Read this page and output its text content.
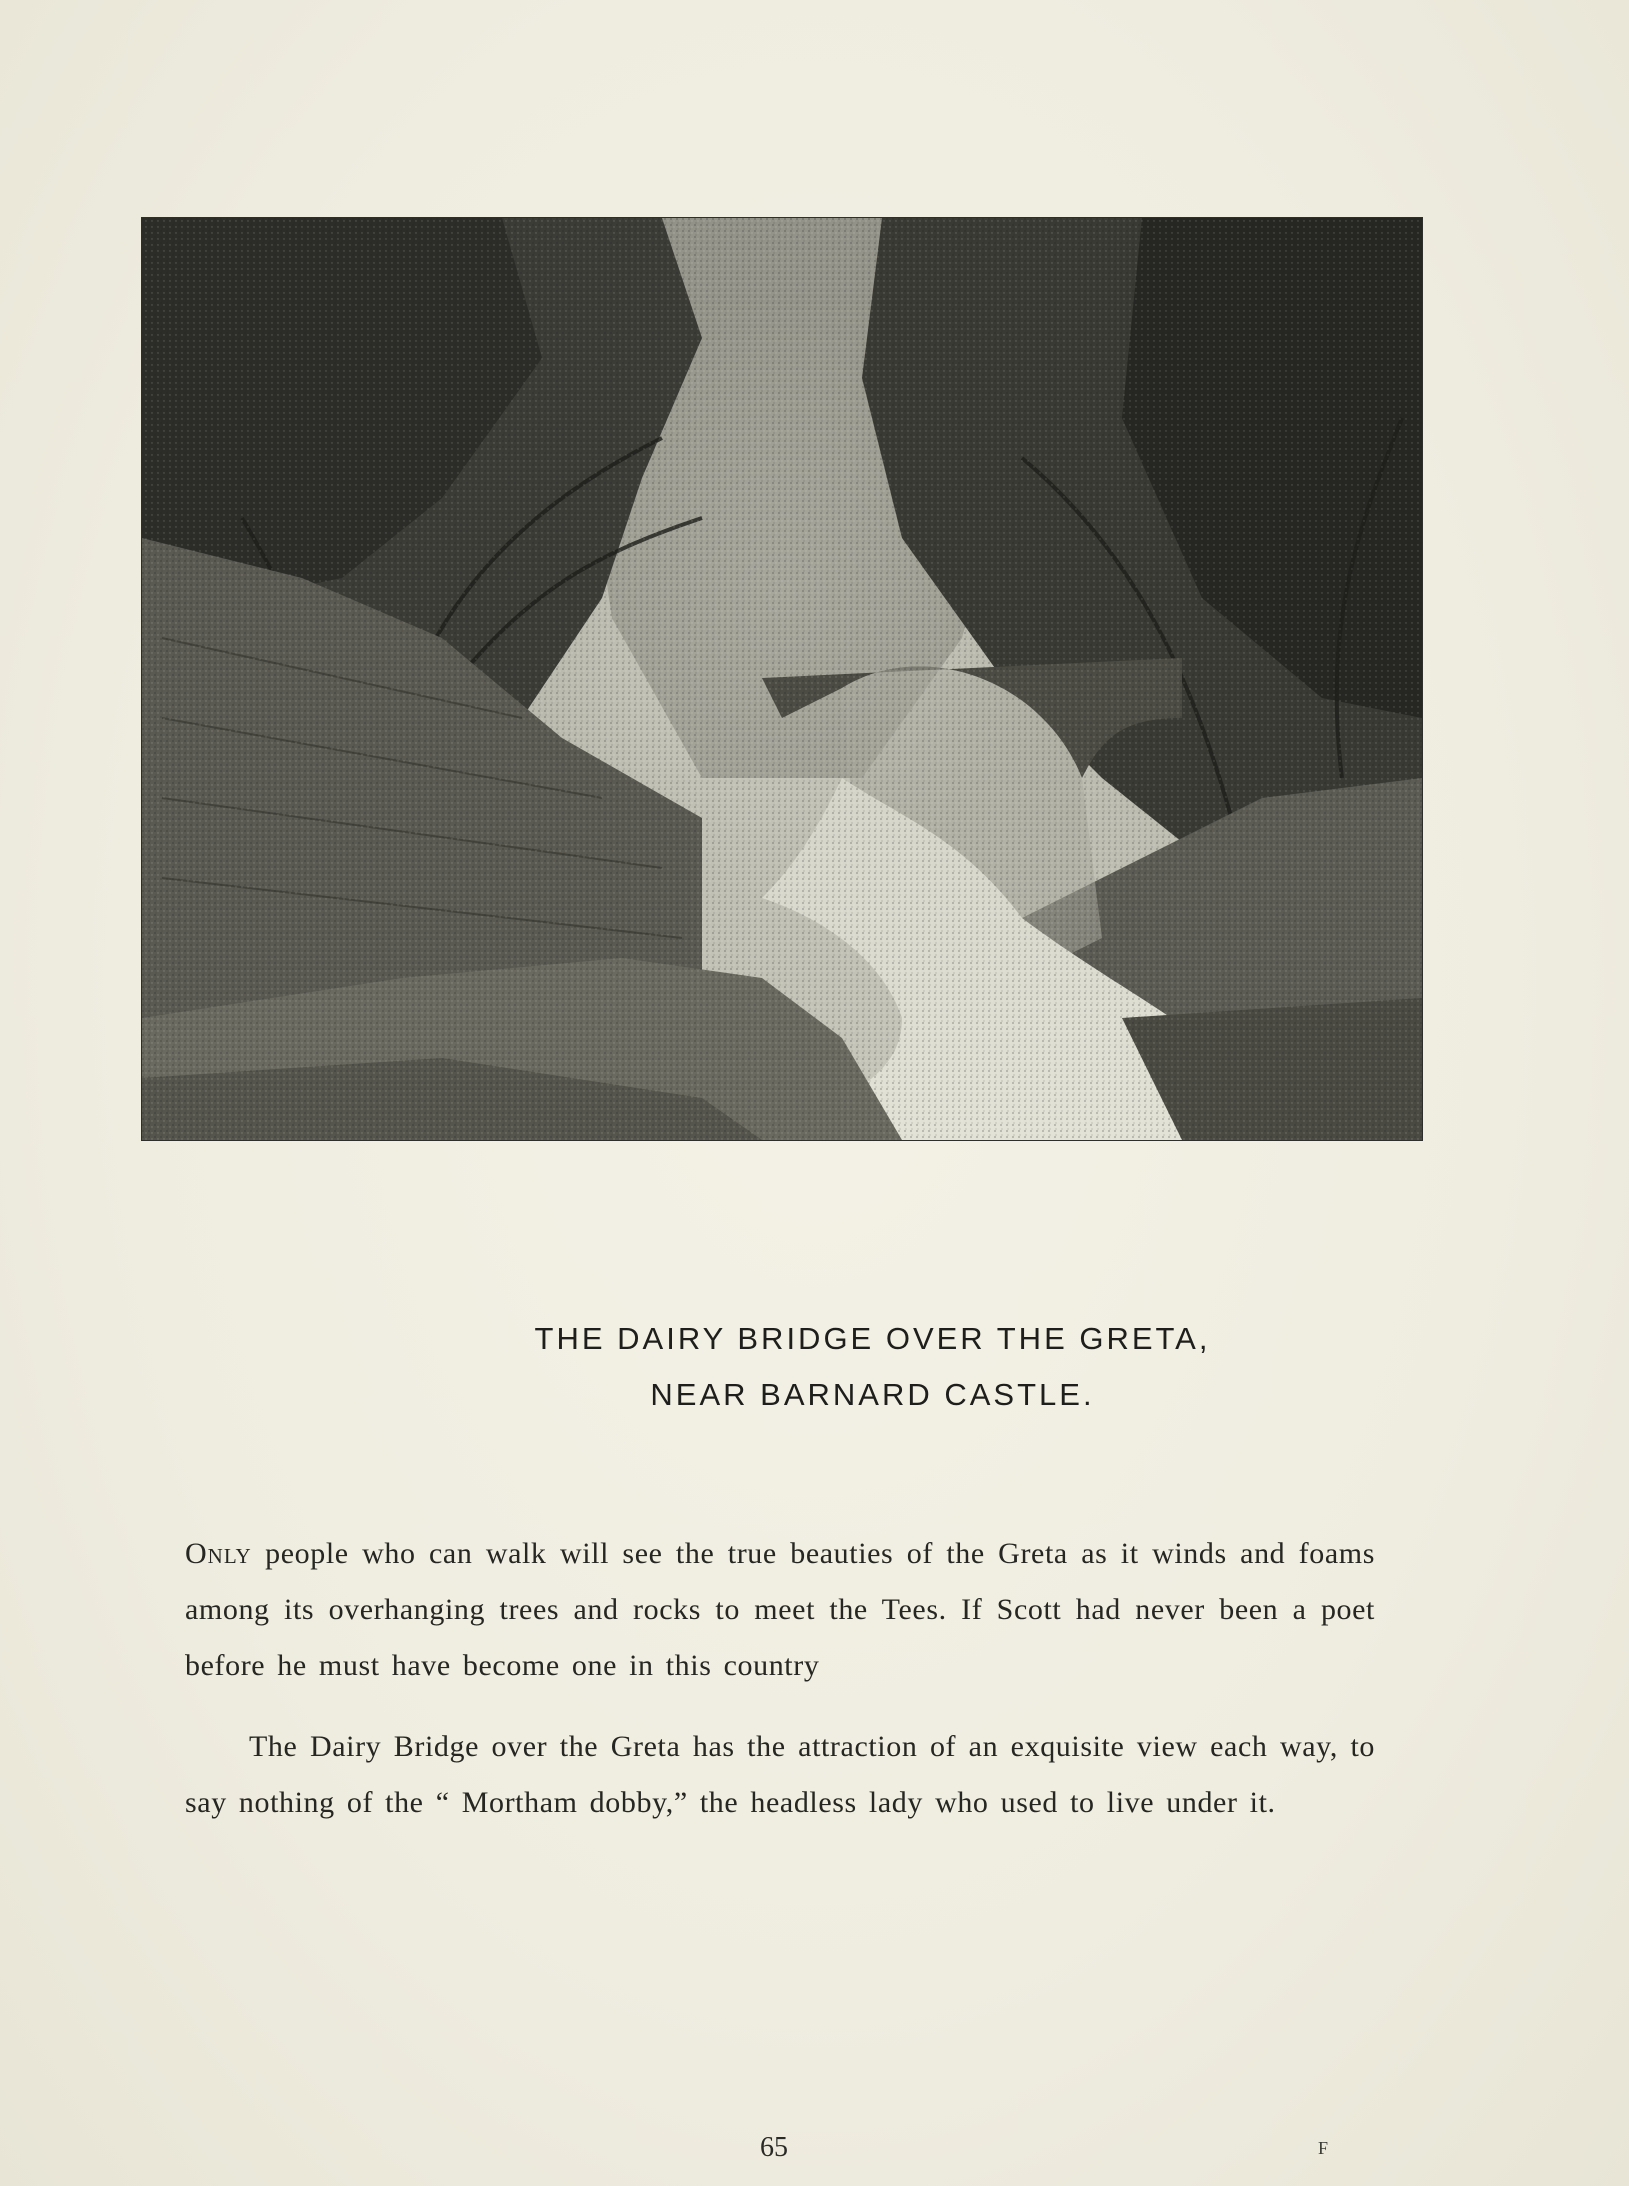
THE DAIRY BRIDGE OVER THE GRETA,
NEAR BARNARD CASTLE.
Only people who can walk will see the true beauties of the Greta as it winds and foams among its overhanging trees and rocks to meet the Tees. If Scott had never been a poet before he must have become one in this country
The Dairy Bridge over the Greta has the attraction of an exquisite view each way, to say nothing of the “ Mortham dobby,” the headless lady who used to live under it.
65	F
